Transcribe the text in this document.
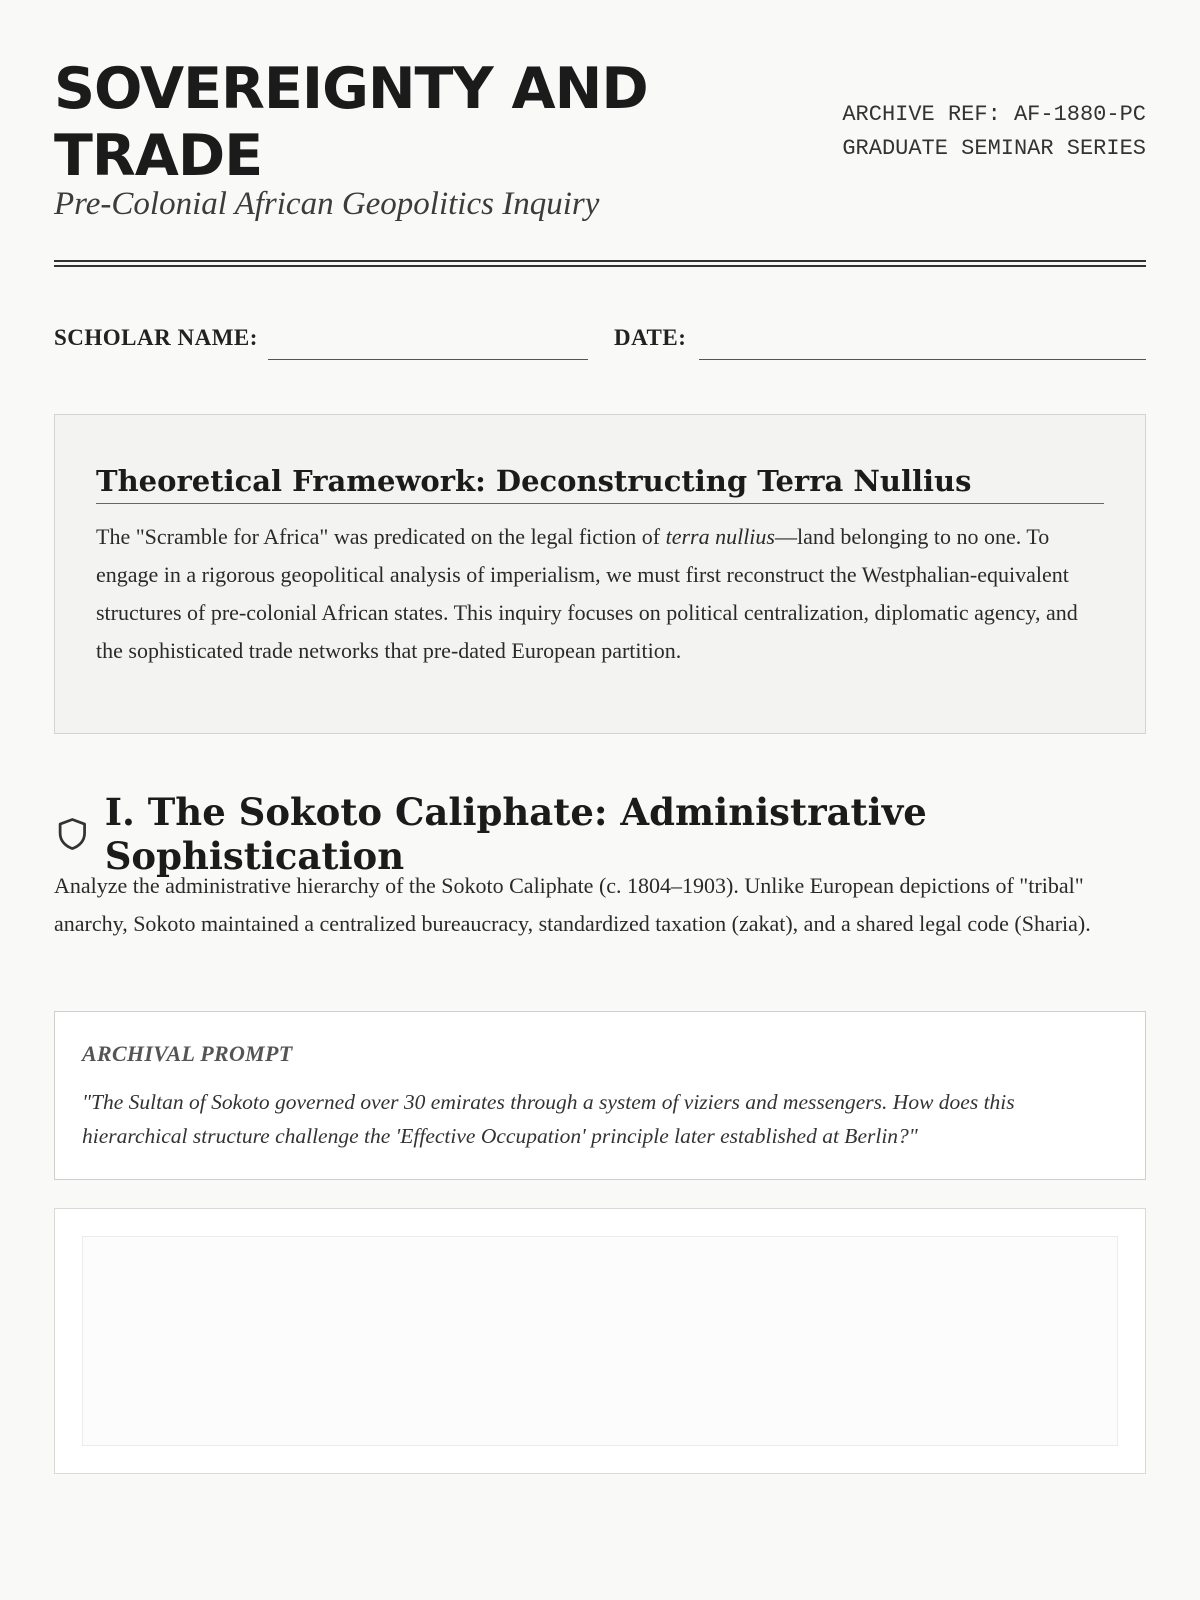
SOVEREIGNTY AND TRADE

Pre-Colonial African Geopolitics Inquiry

ARCHIVE REF: AF-1880-PC
GRADUATE SEMINAR SERIES
SCHOLAR NAME:	DATE:
Theoretical Framework: Deconstructing Terra Nullius

The "Scramble for Africa" was predicated on the legal fiction of terra nullius—land belonging to no one. To engage in a rigorous geopolitical analysis of imperialism, we must first reconstruct the Westphalian-equivalent structures of pre-colonial African states. This inquiry focuses on political centralization, diplomatic agency, and the sophisticated trade networks that pre-dated European partition.

I. The Sokoto Caliphate: Administrative Sophistication

Analyze the administrative hierarchy of the Sokoto Caliphate (c. 1804–1903). Unlike European depictions of "tribal" anarchy, Sokoto maintained a centralized bureaucracy, standardized taxation (zakat), and a shared legal code (Sharia).

ARCHIVAL PROMPT

"The Sultan of Sokoto governed over 30 emirates through a system of viziers and messengers. How does this hierarchical structure challenge the 'Effective Occupation' principle later established at Berlin?"
